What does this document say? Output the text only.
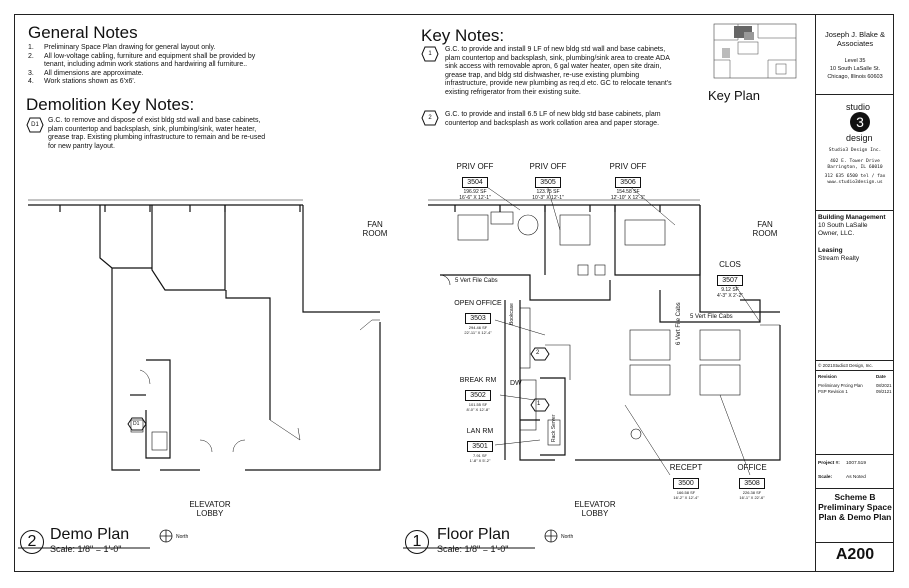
General Notes
1.	Preliminary Space Plan drawing for general layout only.
2.	All low-voltage cabling, furniture and equipment shall be provided by tenant, including admin work stations and hardwiring all furniture..
3.	All dimensions are approximate.
4.	Work stations shown as 6'x6'.
Demolition Key Notes:
G.C. to remove and dispose of exist bldg std wall and base cabinets, plam countertop and backsplash, sink, plumbing/sink, water heater, grease trap. Existing plumbing infrastructure to remain and be re-used for new pantry layout.
D1
Key Notes:
G.C. to provide and install 9 LF of new bldg std wall and base cabinets, plam countertop and backsplash, sink, plumbing/sink area to create ADA sink access with removable apron, 6 gal water heater, open site drain, grease trap, and bldg std dishwasher, re-use existing plumbing infrastructure, provide new plumbing as req.d etc. GC to relocate tenant's existing refrigerator from their existing suite.
G.C. to provide and install 6.5 LF of new bldg std base cabinets, plam countertop and backsplash as work collation area and paper storage.
1
2
Key Plan
Joseph J. Blake & Associates
Level 35
10 South LaSalle St.
Chicago, Illinois 60603
studio
3
design
Studio3 Design Inc.
402 E. Tower Drive
Barrington, IL 60010
312 635 6500 tel / fax
www.studio3design.us
Building Management
10 South LaSalle
Owner, LLC.
Leasing
Stream Realty
© 2021Studio3 Design, Inc.
Revision	Date
Preliminary Prcing Plan	08/2021
PSP Revision 1	09/2121
Project #: 1007.519
Scale:	As Noted
Scheme B Preliminary Space Plan & Demo Plan
A200
FAN ROOM
ELEVATOR LOBBY
D1
2 Demo Plan
Scale: 1/8" = 1'-0"
North
FAN ROOM
ELEVATOR LOBBY
5 Vert File Cabs
5 Vert File Cabs
6 Vert File Cabs
DW
Bookcase
Rack Server
2
1
PRIV OFF
3504
196.92 SF
16'-6" X 12'-1"
PRIV OFF
3505
123.75 SF
10'-3" X 12'-1"
PRIV OFF
3506
154.58 SF
12'-10" X 12'-1"
CLOS
3507
9.12 SF
4'-3" X 2'-2"
OPEN OFFICE
3503
294.46 SF
22'-11" X 12'-4"
BREAK RM
3502
101.55 SF
8'-0" X 12'-8"
LAN RM
3501
7.91 SF
1'-8" X 5'-2"
RECEPT
3500
166.58 SF
16'-2" X 12'-4"
OFFICE
3508
226.38 SF
16'-1" X 22'-6"
1 Floor Plan
Scale: 1/8" = 1'-0"
North
